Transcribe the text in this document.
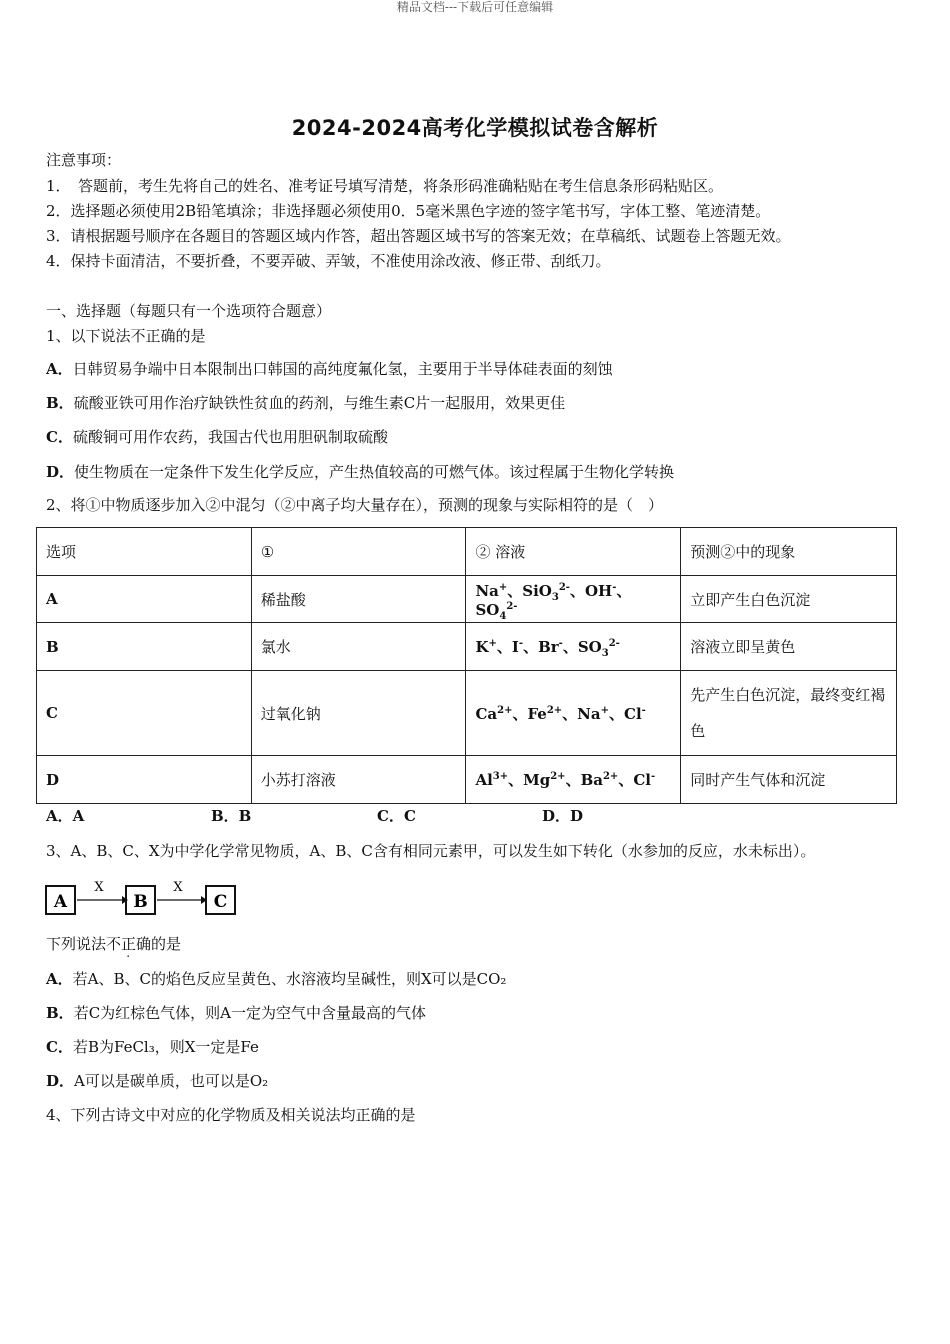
精品文档---下载后可任意编辑
2024-2024高考化学模拟试卷含解析
注意事项：
1．　答题前，考生先将自己的姓名、准考证号填写清楚，将条形码准确粘贴在考生信息条形码粘贴区。
2．选择题必须使用2B铅笔填涂；非选择题必须使用0．5毫米黑色字迹的签字笔书写，字体工整、笔迹清楚。
3．请根据题号顺序在各题目的答题区域内作答，超出答题区域书写的答案无效；在草稿纸、试题卷上答题无效。
4．保持卡面清洁，不要折叠，不要弄破、弄皱，不准使用涂改液、修正带、刮纸刀。
一、选择题（每题只有一个选项符合题意）
1、以下说法不正确的是
A．日韩贸易争端中日本限制出口韩国的高纯度氟化氢，主要用于半导体硅表面的刻蚀
B．硫酸亚铁可用作治疗缺铁性贫血的药剂，与维生素C片一起服用，效果更佳
C．硫酸铜可用作农药，我国古代也用胆矾制取硫酸
D．使生物质在一定条件下发生化学反应，产生热值较高的可燃气体。该过程属于生物化学转换
2、将①中物质逐步加入②中混匀（②中离子均大量存在），预测的现象与实际相符的是（　）
选项	①	② 溶液	预测②中的现象
A	稀盐酸	Na+、SiO$_3^{2-}$、OH-、$SO_4^{2-}$	立即产生白色沉淀
B	氯水	K+、I-、Br-、$SO_3^{2-}$	溶液立即呈黄色
C	过氧化钠	$Ca^{2+}$、$Fe^{2+}$、Na+、Cl-	先产生白色沉淀，最终变红褐色
D	小苏打溶液	$Al^{3+}$、$Mg^{2+}$、$Ba^{2+}$、Cl-	同时产生气体和沉淀
A．A	B．B	C．C	D．D
3、A、B、C、X为中学化学常见物质，A、B、C含有相同元素甲，可以发生如下转化（水参加的反应，水未标出）。
A
X
B
X
C
下列说法不正确的是
A．若A、B、C的焰色反应呈黄色、水溶液均呈碱性，则X可以是CO₂
B．若C为红棕色气体，则A一定为空气中含量最高的气体
C．若B为FeCl₃，则X一定是Fe
D．A可以是碳单质，也可以是O₂
4、下列古诗文中对应的化学物质及相关说法均正确的是
